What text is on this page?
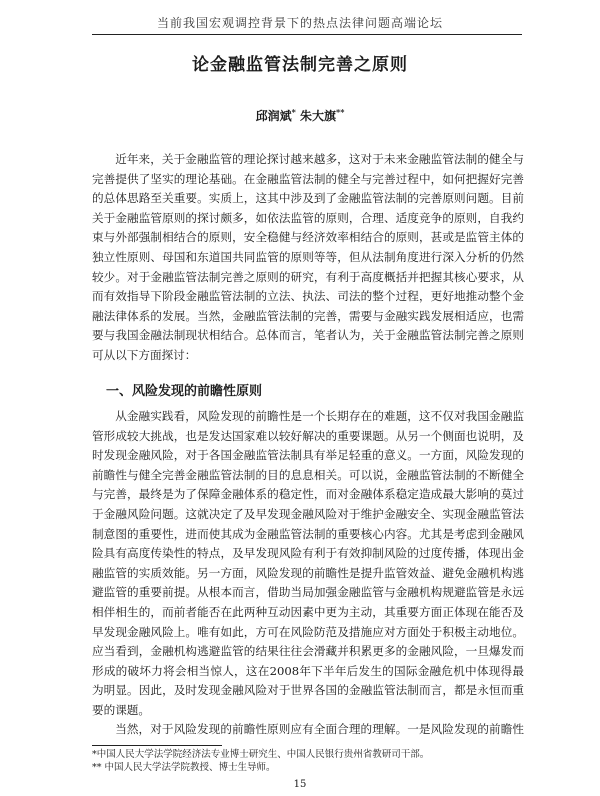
当前我国宏观调控背景下的热点法律问题高端论坛
论金融监管法制完善之原则
邱润斌* 朱大旗**

近年来，关于金融监管的理论探讨越来越多，这对于未来金融监管法制的健全与完善提供了坚实的理论基础。在金融监管法制的健全与完善过程中，如何把握好完善的总体思路至关重要。实质上，这其中涉及到了金融监管法制的完善原则问题。目前关于金融监管原则的探讨颇多，如依法监管的原则，合理、适度竞争的原则，自我约束与外部强制相结合的原则，安全稳健与经济效率相结合的原则，甚或是监管主体的独立性原则、母国和东道国共同监管的原则等等，但从法制角度进行深入分析的仍然较少。对于金融监管法制完善之原则的研究，有利于高度概括并把握其核心要求，从而有效指导下阶段金融监管法制的立法、执法、司法的整个过程，更好地推动整个金融法律体系的发展。当然，金融监管法制的完善，需要与金融实践发展相适应，也需要与我国金融法制现状相结合。总体而言，笔者认为，关于金融监管法制完善之原则可从以下方面探讨：

一、风险发现的前瞻性原则

从金融实践看，风险发现的前瞻性是一个长期存在的难题，这不仅对我国金融监管形成较大挑战，也是发达国家难以较好解决的重要课题。从另一个侧面也说明，及时发现金融风险，对于各国金融监管法制具有举足轻重的意义。一方面，风险发现的前瞻性与健全完善金融监管法制的目的息息相关。可以说，金融监管法制的不断健全与完善，最终是为了保障金融体系的稳定性，而对金融体系稳定造成最大影响的莫过于金融风险问题。这就决定了及早发现金融风险对于维护金融安全、实现金融监管法制意图的重要性，进而使其成为金融监管法制的重要核心内容。尤其是考虑到金融风险具有高度传染性的特点，及早发现风险有利于有效抑制风险的过度传播，体现出金融监管的实质效能。另一方面，风险发现的前瞻性是提升监管效益、避免金融机构逃避监管的重要前提。从根本而言，借助当局加强金融监管与金融机构规避监管是永远相伴相生的，而前者能否在此两种互动因素中更为主动，其重要方面正体现在能否及早发现金融风险上。唯有如此，方可在风险防范及措施应对方面处于积极主动地位。应当看到，金融机构逃避监管的结果往往会滑藏并积累更多的金融风险，一旦爆发而形成的破坏力将会相当惊人，这在2008年下半年后发生的国际金融危机中体现得最为明显。因此，及时发现金融风险对于世界各国的金融监管法制而言，都是永恒而重要的课题。

当然，对于风险发现的前瞻性原则应有全面合理的理解。一是风险发现的前瞻性

*中国人民大学法学院经济法专业博士研究生、中国人民银行贵州省教研司干部。

** 中国人民大学法学院教授、博士生导师。

15
